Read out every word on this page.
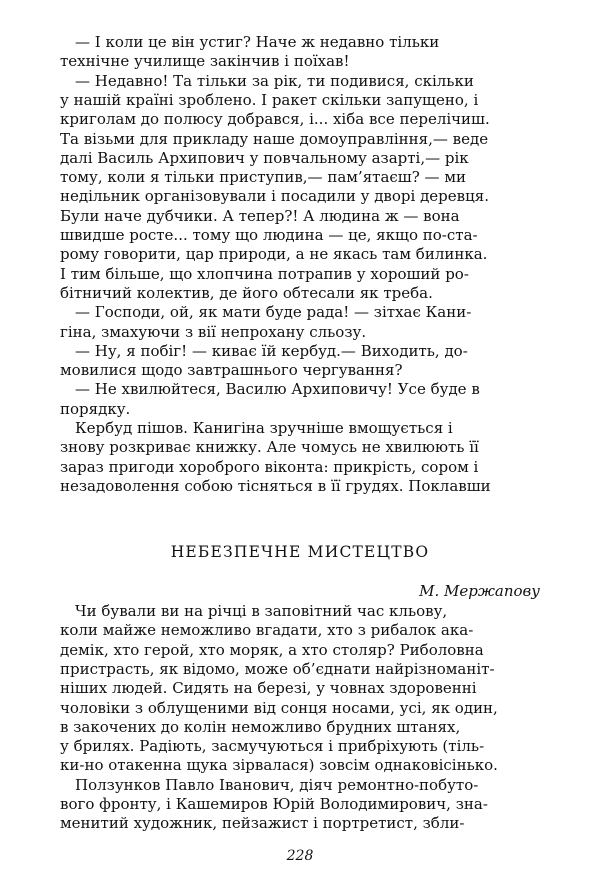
— І коли це він устиг? Наче ж недавно тільки
технічне училище закінчив і поїхав!
— Недавно! Та тільки за рік, ти подивися, скільки
у нашій країні зроблено. І ракет скільки запущено, і
криголам до полюсу добрався, і... хіба все перелічиш.
Та візьми для прикладу наше домоуправління,— веде
далі Василь Архипович у повчальному азарті,— рік
тому, коли я тільки приступив,— пам’ятаєш? — ми
недільник організовували і посадили у дворі деревця.
Були наче дубчики. А тепер?! А людина ж — вона
швидше росте... тому що людина — це, якщо по-ста-
рому говорити, цар природи, а не якась там билинка.
І тим більше, що хлопчина потрапив у хороший ро-
бітничий колектив, де його обтесали як треба.
— Господи, ой, як мати буде рада! — зітхає Кани-
гіна, змахуючи з вії непрохану сльозу.
— Ну, я побіг! — киває їй кербуд.— Виходить, до-
мовилися щодо завтрашнього чергування?
— Не хвилюйтеся, Василю Архиповичу! Усе буде в
порядку.
Кербуд пішов. Канигіна зручніше вмощується і
знову розкриває книжку. Але чомусь не хвилюють її
зараз пригоди хороброго віконта: прикрість, сором і
незадоволення собою тісняться в її грудях. Поклавши
НЕБЕЗПЕЧНЕ МИСТЕЦТВО
М. Мержапову
Чи бували ви на річці в заповітний час кльову,
коли майже неможливо вгадати, хто з рибалок ака-
демік, хто герой, хто моряк, а хто столяр? Риболовна
пристрасть, як відомо, може об’єднати найрізноманіт-
ніших людей. Сидять на березі, у човнах здоровенні
чоловіки з облущеними від сонця носами, усі, як один,
в закочених до колін неможливо брудних штанях,
у брилях. Радіють, засмучуються і прибріхують (тіль-
ки-но отакенна щука зірвалася) зовсім однаковісінько.
Ползунков Павло Іванович, діяч ремонтно-побуто-
вого фронту, і Кашемиров Юрій Володимирович, зна-
менитий художник, пейзажист і портретист, збли-
228
